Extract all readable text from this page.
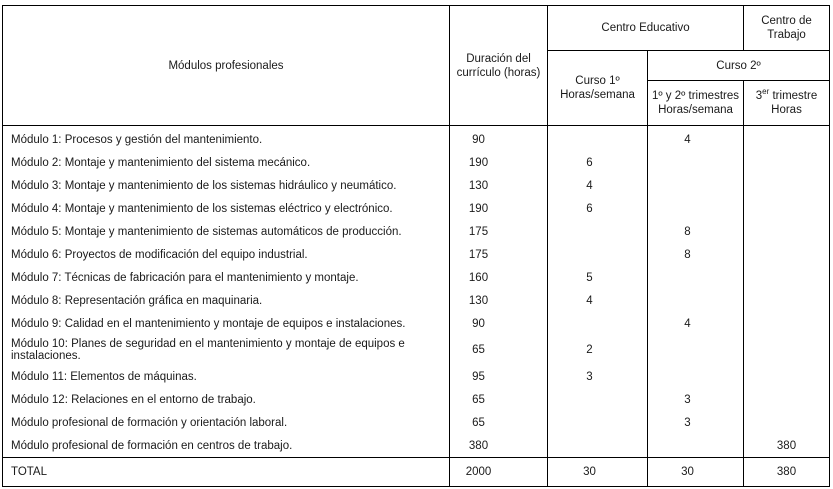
Módulos profesionales	Duración del currículo (horas)	Centro Educativo		Centro de Trabajo
		Curso 1º Horas/semana	Curso 2º	
			1º y 2º trimestres Horas/semana	3er trimestre Horas
Módulo 1: Procesos y gestión del mantenimiento.	90		4	
Módulo 2: Montaje y mantenimiento del sistema mecánico.	190	6		
Módulo 3: Montaje y mantenimiento de los sistemas hidráulico y neumático.	130	4		
Módulo 4: Montaje y mantenimiento de los sistemas eléctrico y electrónico.	190	6		
Módulo 5: Montaje y mantenimiento de sistemas automáticos de producción.	175		8	
Módulo 6: Proyectos de modificación del equipo industrial.	175		8	
Módulo 7: Técnicas de fabricación para el mantenimiento y montaje.	160	5		
Módulo 8: Representación gráfica en maquinaria.	130	4		
Módulo 9: Calidad en el mantenimiento y montaje de equipos e instalaciones.	90		4	
Módulo 10: Planes de seguridad en el mantenimiento y montaje de equipos e instalaciones.	65	2		
Módulo 11: Elementos de máquinas.	95	3		
Módulo 12: Relaciones en el entorno de trabajo.	65		3	
Módulo profesional de formación y orientación laboral.	65		3	
Módulo profesional de formación en centros de trabajo.	380			380
TOTAL	2000	30	30	380
